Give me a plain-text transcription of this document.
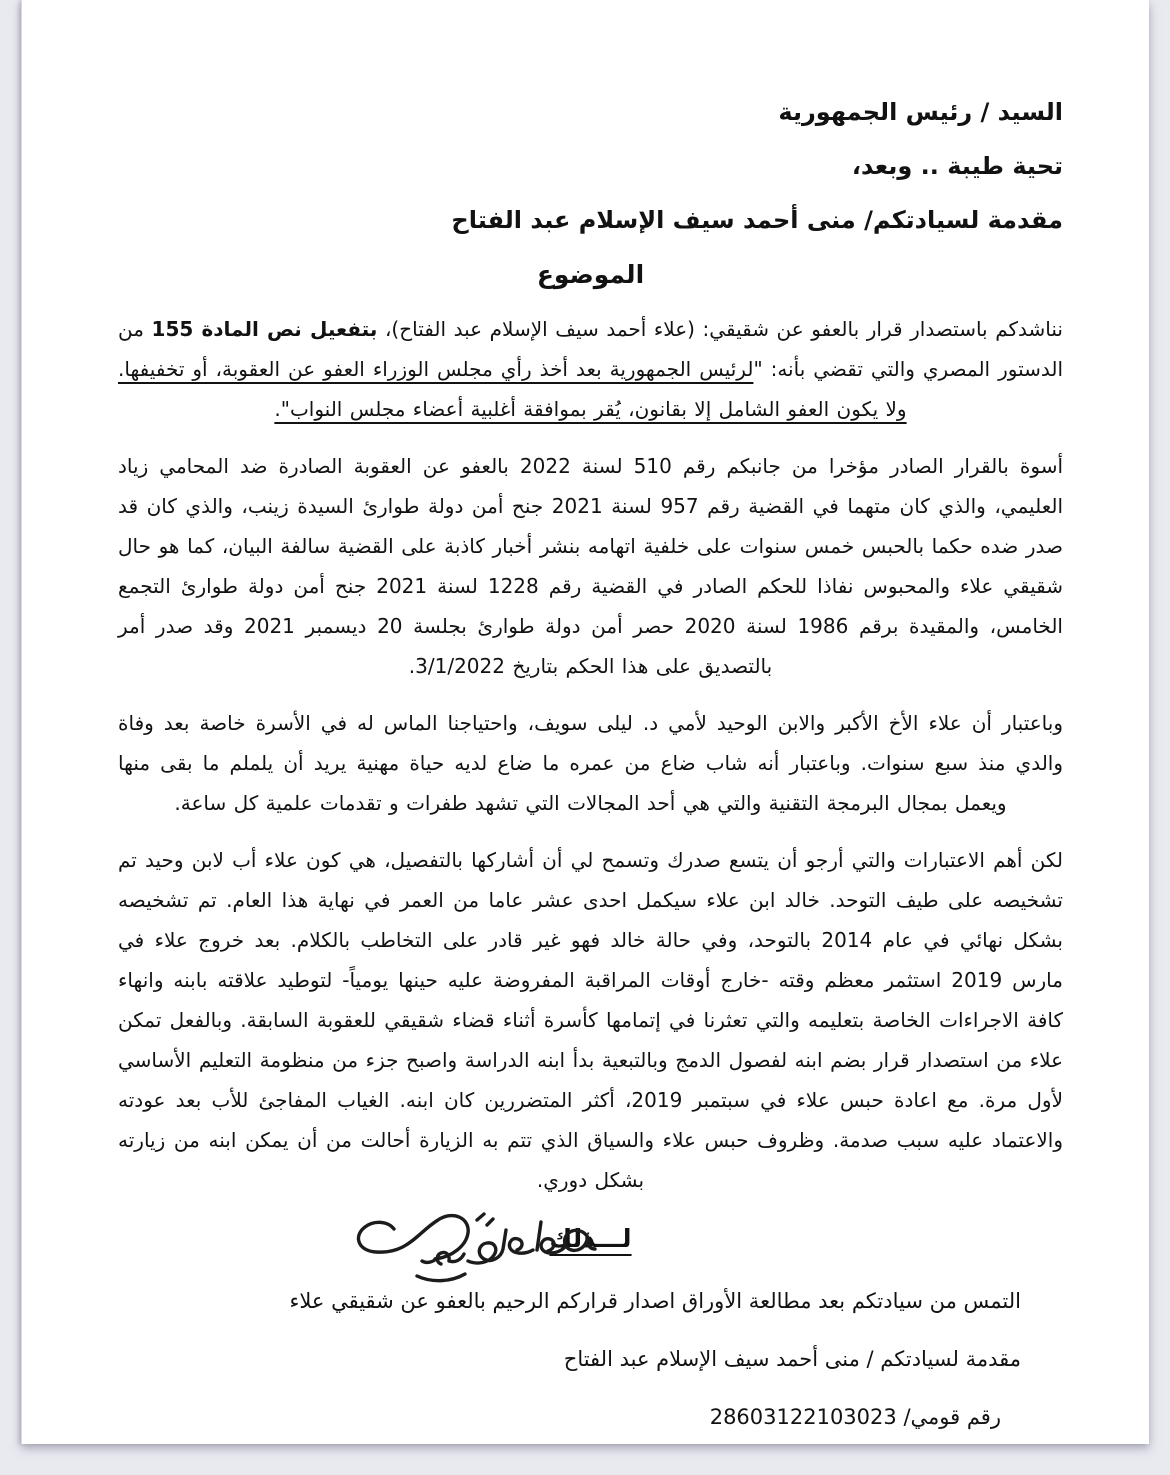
السيد / رئيس الجمهورية

تحية طيبة .. وبعد،

مقدمة لسيادتكم/ منى أحمد سيف الإسلام عبد الفتاح

الموضوع

نناشدكم باستصدار قرار بالعفو عن شقيقي: (علاء أحمد سيف الإسلام عبد الفتاح)، بتفعيل نص المادة 155 من الدستور المصري والتي تقضي بأنه: "لرئيس الجمهورية بعد أخذ رأي مجلس الوزراء العفو عن العقوبة، أو تخفيفها. ولا يكون العفو الشامل إلا بقانون، يُقر بموافقة أغلبية أعضاء مجلس النواب".

أسوة بالقرار الصادر مؤخرا من جانبكم رقم 510 لسنة 2022 بالعفو عن العقوبة الصادرة ضد المحامي زياد العليمي، والذي كان متهما في القضية رقم 957 لسنة 2021 جنح أمن دولة طوارئ السيدة زينب، والذي كان قد صدر ضده حكما بالحبس خمس سنوات على خلفية اتهامه بنشر أخبار كاذبة على القضية سالفة البيان، كما هو حال شقيقي علاء والمحبوس نفاذا للحكم الصادر في القضية رقم 1228 لسنة 2021 جنح أمن دولة طوارئ التجمع الخامس، والمقيدة برقم 1986 لسنة 2020 حصر أمن دولة طوارئ بجلسة 20 ديسمبر 2021 وقد صدر أمر بالتصديق على هذا الحكم بتاريخ 3/1/2022.

وباعتبار أن علاء الأخ الأكبر والابن الوحيد لأمي د. ليلى سويف، واحتياجنا الماس له في الأسرة خاصة بعد وفاة والدي منذ سبع سنوات. وباعتبار أنه شاب ضاع من عمره ما ضاع لديه حياة مهنية يريد أن يلملم ما بقى منها ويعمل بمجال البرمجة التقنية والتي هي أحد المجالات التي تشهد طفرات و تقدمات علمية كل ساعة.

لكن أهم الاعتبارات والتي أرجو أن يتسع صدرك وتسمح لي أن أشاركها بالتفصيل، هي كون علاء أب لابن وحيد تم تشخيصه على طيف التوحد. خالد ابن علاء سيكمل احدى عشر عاما من العمر في نهاية هذا العام. تم تشخيصه بشكل نهائي في عام 2014 بالتوحد، وفي حالة خالد فهو غير قادر على التخاطب بالكلام. بعد خروج علاء في مارس 2019 استثمر معظم وقته -خارج أوقات المراقبة المفروضة عليه حينها يومياً- لتوطيد علاقته بابنه وانهاء كافة الاجراءات الخاصة بتعليمه والتي تعثرنا في إتمامها كأسرة أثناء قضاء شقيقي للعقوبة السابقة. وبالفعل تمكن علاء من استصدار قرار بضم ابنه لفصول الدمج وبالتبعية بدأ ابنه الدراسة واصبح جزء من منظومة التعليم الأساسي لأول مرة. مع اعادة حبس علاء في سبتمبر 2019، أكثر المتضررين كان ابنه. الغياب المفاجئ للأب بعد عودته والاعتماد عليه سبب صدمة. وظروف حبس علاء والسياق الذي تتم به الزيارة أحالت من أن يمكن ابنه من زيارته بشكل دوري.

لـــذلك

التمس من سيادتكم بعد مطالعة الأوراق اصدار قراركم الرحيم بالعفو عن شقيقي علاء

مقدمة لسيادتكم / منى أحمد سيف الإسلام عبد الفتاح

رقم قومي/ 28603122103023
